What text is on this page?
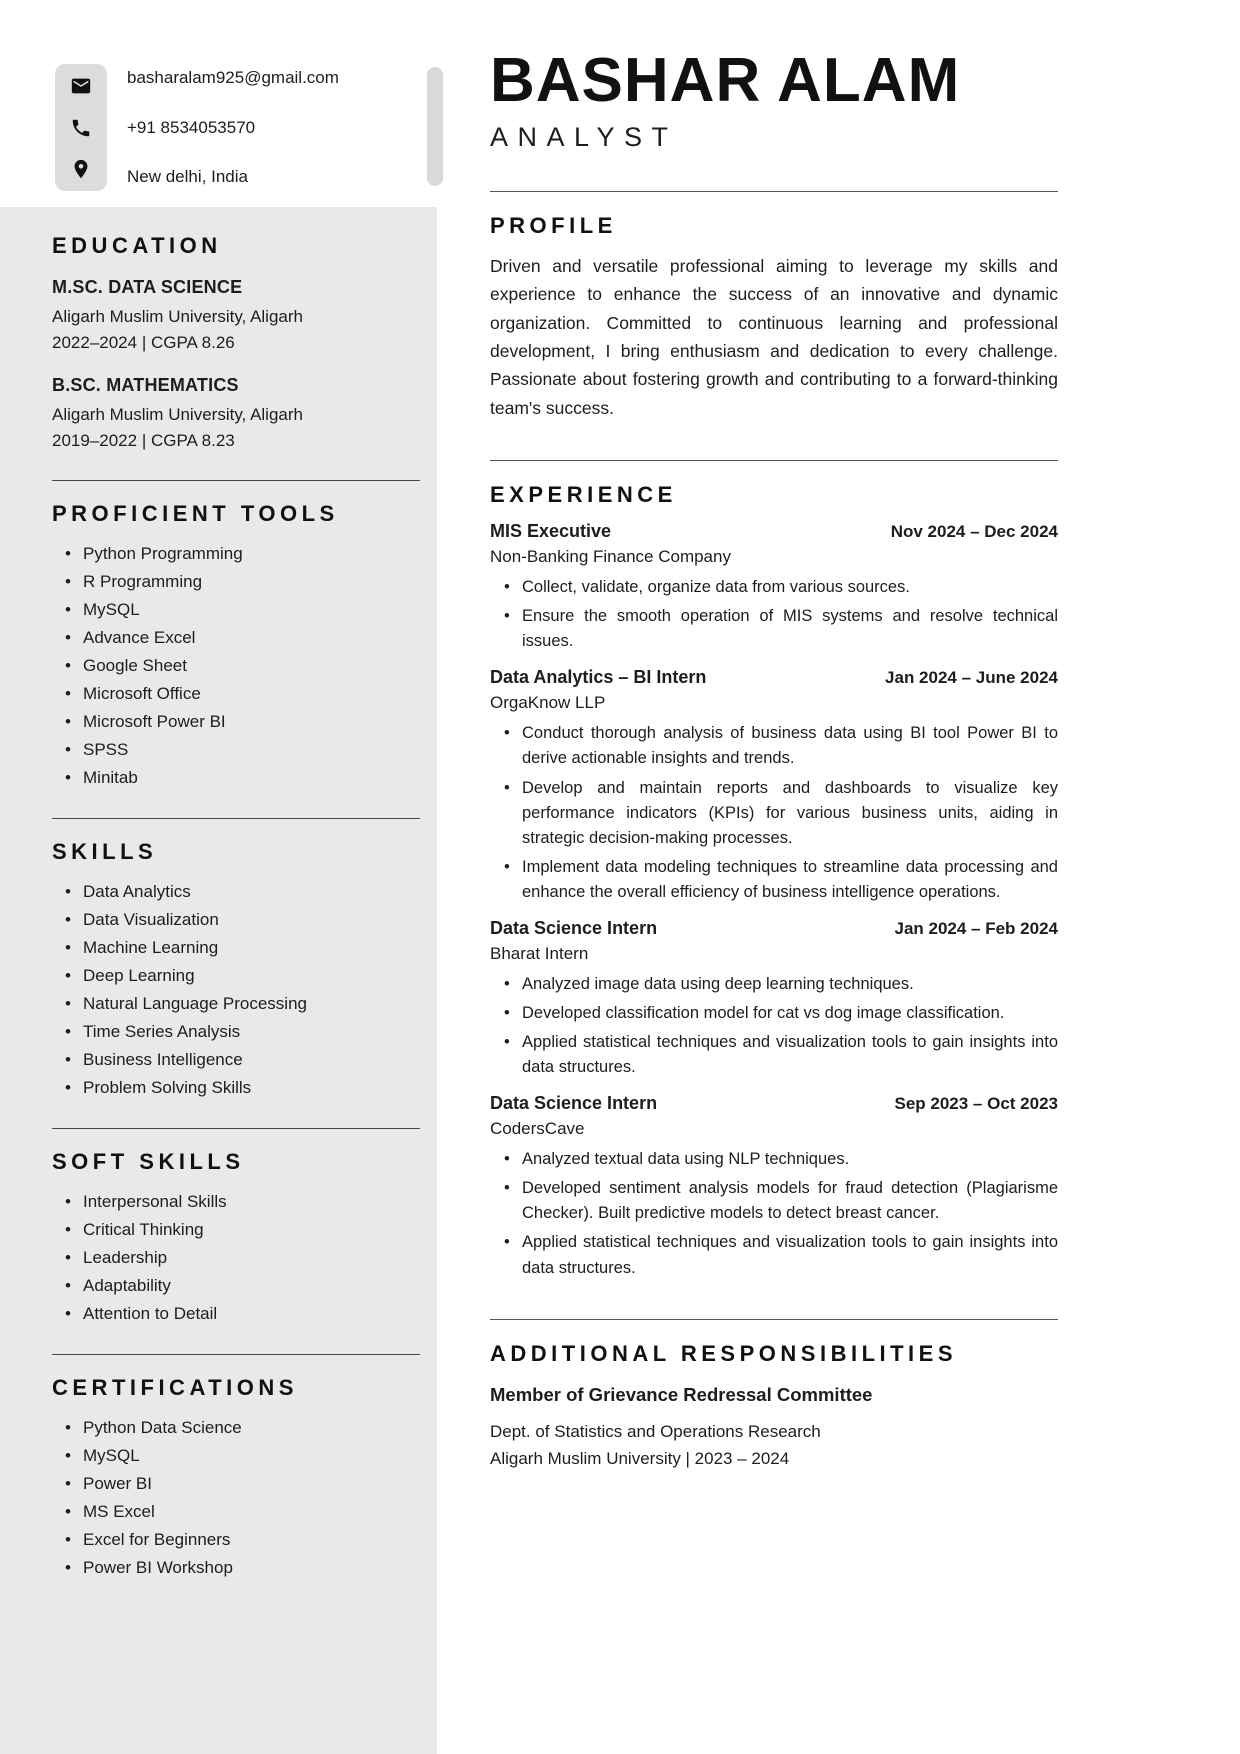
basharalam925@gmail.com
+91 8534053570
New delhi, India
EDUCATION
M.SC. DATA SCIENCE
Aligarh Muslim University, Aligarh
2022–2024 | CGPA 8.26
B.SC. MATHEMATICS
Aligarh Muslim University, Aligarh
2019–2022 | CGPA 8.23
PROFICIENT TOOLS
• Python Programming
• R Programming
• MySQL
• Advance Excel
• Google Sheet
• Microsoft Office
• Microsoft Power BI
• SPSS
• Minitab
SKILLS
• Data Analytics
• Data Visualization
• Machine Learning
• Deep Learning
• Natural Language Processing
• Time Series Analysis
• Business Intelligence
• Problem Solving Skills
SOFT SKILLS
• Interpersonal Skills
• Critical Thinking
• Leadership
• Adaptability
• Attention to Detail
CERTIFICATIONS
• Python Data Science
• MySQL
• Power BI
• MS Excel
• Excel for Beginners
• Power BI Workshop
BASHAR ALAM
ANALYST
PROFILE

Driven and versatile professional aiming to leverage my skills and experience to enhance the success of an innovative and dynamic organization. Committed to continuous learning and professional development, I bring enthusiasm and dedication to every challenge. Passionate about fostering growth and contributing to a forward-thinking team's success.

EXPERIENCE
MIS Executive	Nov 2024 – Dec 2024
Non-Banking Finance Company
• Collect, validate, organize data from various sources.
• Ensure the smooth operation of MIS systems and resolve technical issues.
Data Analytics – BI Intern	Jan 2024 – June 2024
OrgaKnow LLP
• Conduct thorough analysis of business data using BI tool Power BI to derive actionable insights and trends.
• Develop and maintain reports and dashboards to visualize key performance indicators (KPIs) for various business units, aiding in strategic decision-making processes.
• Implement data modeling techniques to streamline data processing and enhance the overall efficiency of business intelligence operations.
Data Science Intern	Jan 2024 – Feb 2024
Bharat Intern
• Analyzed image data using deep learning techniques.
• Developed classification model for cat vs dog image classification.
• Applied statistical techniques and visualization tools to gain insights into data structures.
Data Science Intern	Sep 2023 – Oct 2023
CodersCave
• Analyzed textual data using NLP techniques.
• Developed sentiment analysis models for fraud detection (Plagiarisme Checker). Built predictive models to detect breast cancer.
• Applied statistical techniques and visualization tools to gain insights into data structures.
ADDITIONAL RESPONSIBILITIES
Member of Grievance Redressal Committee
Dept. of Statistics and Operations Research
Aligarh Muslim University | 2023 – 2024
